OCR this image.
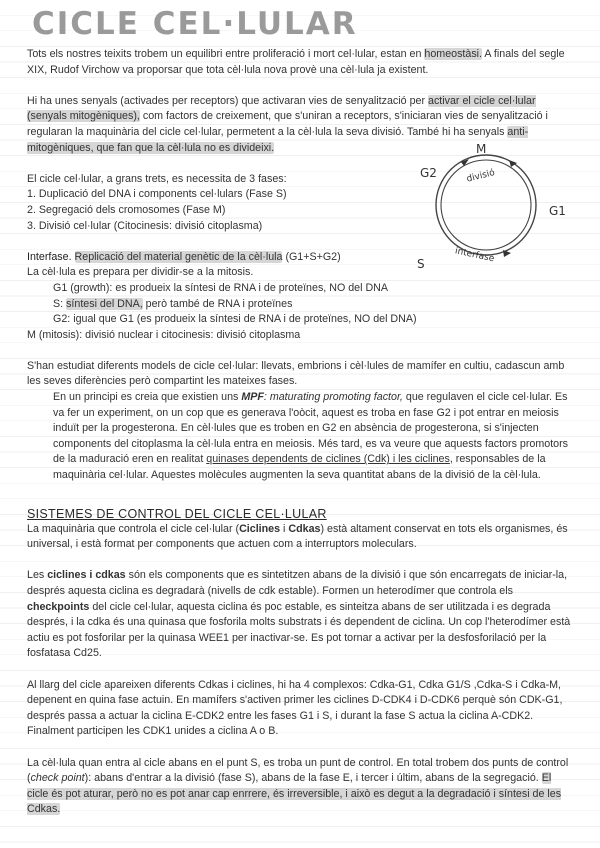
CICLE CEL·LULAR

Tots els nostres teixits trobem un equilibri entre proliferació i mort cel·lular, estan en homeostàsi. A finals del segle XIX, Rudof Virchow va proporsar que tota cèl·lula nova provè una cèl·lula ja existent.

Hi ha unes senyals (activades per receptors) que activaran vies de senyalització per activar el cicle cel·lular (senyals mitogèniques), com factors de creixement, que s'uniran a receptors, s'iniciaran vies de senyalització i regularan la maquinària del cicle cel·lular, permetent a la cèl·lula la seva divisió. També hi ha senyals anti-mitogèniques, que fan que la cèl·lula no es divideixi.

El cicle cel·lular, a grans trets, es necessita de 3 fases:
1. Duplicació del DNA i components cel·lulars (Fase S)
2. Segregació dels cromosomes (Fase M)
3. Divisió cel·lular (Citocinesis: divisió citoplasma)
Interfase. Replicació del material genètic de la cèl·lula (G1+S+G2)
La cèl·lula es prepara per dividir-se a la mitosis.
G1 (growth): es produeix la síntesi de RNA i de proteïnes, NO del DNA
S: síntesi del DNA, però també de RNA i proteïnes
G2: igual que G1 (es produeix la síntesi de RNA i de proteïnes, NO del DNA)
M (mitosis): divisió nuclear i citocinesis: divisió citoplasma
S'han estudiat diferents models de cicle cel·lular: llevats, embrions i cèl·lules de mamífer en cultiu, cadascun amb les seves diferències però compartint les mateixes fases.
En un principi es creia que existien uns MPF: maturating promoting factor, que regulaven el cicle cel·lular. Es va fer un experiment, on un cop que es generava l'oòcit, aquest es troba en fase G2 i pot entrar en meiosis induït per la progesterona. En cèl·lules que es troben en G2 en absència de progesterona, si s'injecten components del citoplasma la cèl·lula entra en meiosis. Més tard, es va veure que aquests factors promotors de la maduració eren en realitat quinases dependents de ciclines (Cdk) i les ciclines, responsables de la maquinària cel·lular. Aquestes molècules augmenten la seva quantitat abans de la divisió de la cèl·lula.
SISTEMES DE CONTROL DEL CICLE CEL·LULAR

La maquinària que controla el cicle cel·lular (Ciclines i Cdkas) està altament conservat en tots els organismes, és universal, i està format per components que actuen com a interruptors moleculars.

Les ciclines i cdkas són els components que es sintetitzen abans de la divisió i que són encarregats de iniciar-la, després aquesta ciclina es degradarà (nivells de cdk estable). Formen un heterodímer que controla els checkpoints del cicle cel·lular, aquesta ciclina és poc estable, es sinteitza abans de ser utilitzada i es degrada després, i la cdka és una quinasa que fosforila molts substrats i és dependent de ciclina. Un cop l'heterodímer està actiu es pot fosforilar per la quinasa WEE1 per inactivar-se. Es pot tornar a activar per la desfosforilació per la fosfatasa Cd25.

Al llarg del cicle apareixen diferents Cdkas i ciclines, hi ha 4 complexos: Cdka-G1, Cdka G1/S ,Cdka-S i Cdka-M, depenent en quina fase actuin. En mamífers s'activen primer les ciclines D-CDK4 i D-CDK6 perquè són CDK-G1, després passa a actuar la ciclina E-CDK2 entre les fases G1 i S, i durant la fase S actua la ciclina A-CDK2. Finalment participen les CDK1 unides a ciclina A o B.

La cèl·lula quan entra al cicle abans en el punt S, es troba un punt de control. En total trobem dos punts de control (check point): abans d'entrar a la divisió (fase S), abans de la fase E, i tercer i últim, abans de la segregació. El cicle és pot aturar, però no es pot anar cap enrrere, és irreversible, i això es degut a la degradació i síntesi de les Cdkas.

M
G1
G2
S
divisió
interfase
